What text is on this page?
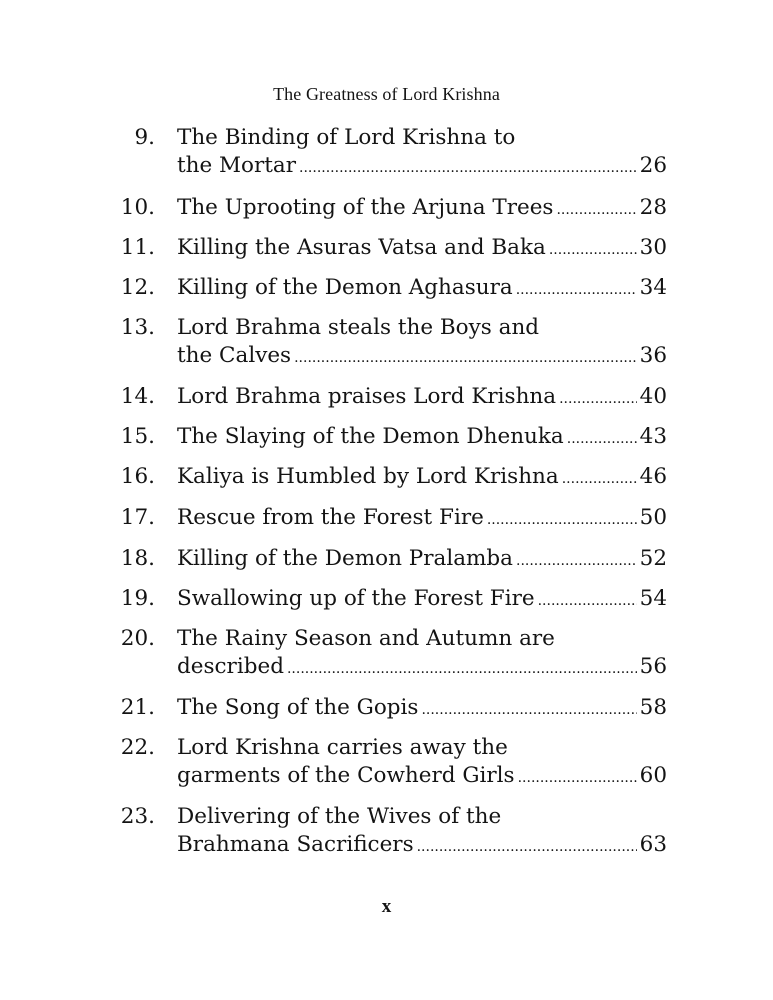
The Greatness of Lord Krishna
9. The Binding of Lord Krishna to
the Mortar .....	26
10. The Uprooting of the Arjuna Trees .....	28
11. Killing the Asuras Vatsa and Baka .....	30
12. Killing of the Demon Aghasura .....	34
13. Lord Brahma steals the Boys and
the Calves .....	36
14. Lord Brahma praises Lord Krishna .....	40
15. The Slaying of the Demon Dhenuka .....	43
16. Kaliya is Humbled by Lord Krishna .....	46
17. Rescue from the Forest Fire .....	50
18. Killing of the Demon Pralamba .....	52
19. Swallowing up of the Forest Fire .....	54
20. The Rainy Season and Autumn are
described .....	56
21. The Song of the Gopis .....	58
22. Lord Krishna carries away the
garments of the Cowherd Girls .....	60
23. Delivering of the Wives of the
Brahmana Sacrificers .....	63
x
